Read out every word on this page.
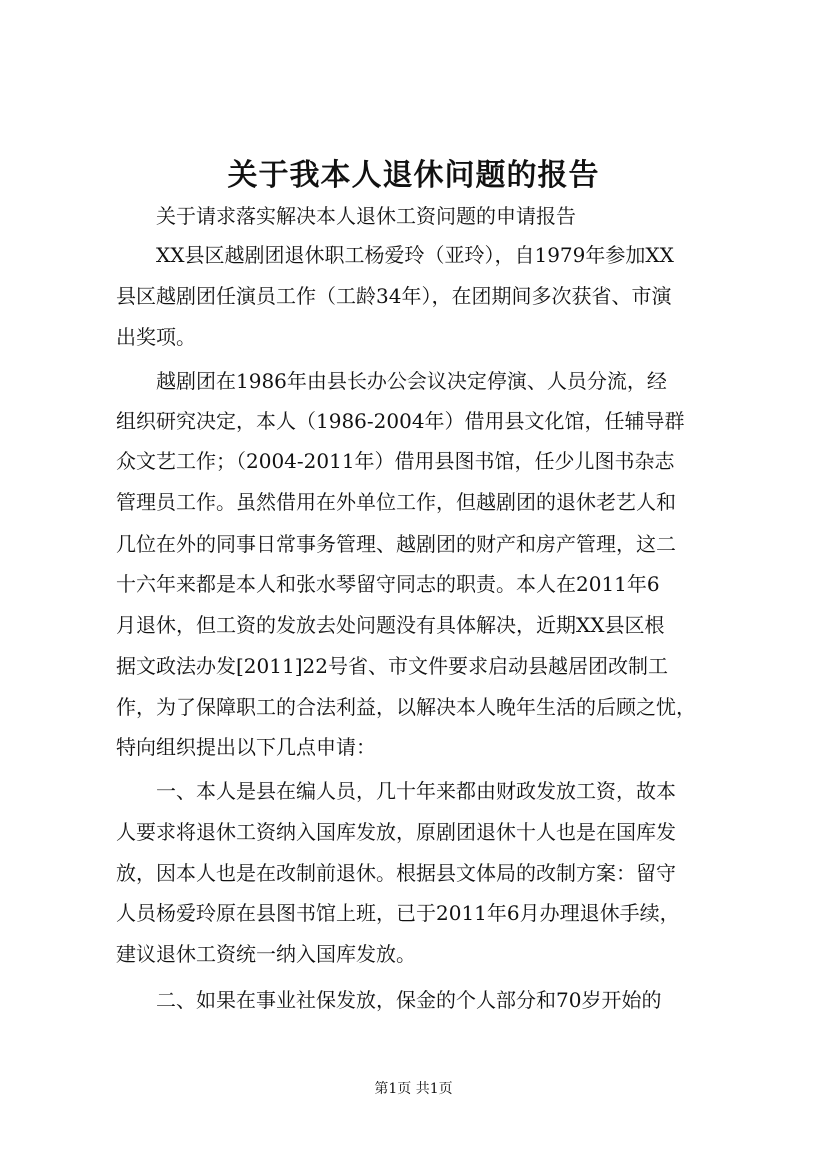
关于我本人退休问题的报告
　　关于请求落实解决本人退休工资问题的申请报告
　　XX县区越剧团退休职工杨爱玲（亚玲），自1979年参加XX
县区越剧团任演员工作（工龄34年），在团期间多次获省、市演
出奖项。
　　越剧团在1986年由县长办公会议决定停演、人员分流，经
组织研究决定，本人（1986-2004年）借用县文化馆，任辅导群
众文艺工作；（2004-2011年）借用县图书馆，任少儿图书杂志
管理员工作。虽然借用在外单位工作，但越剧团的退休老艺人和
几位在外的同事日常事务管理、越剧团的财产和房产管理，这二
十六年来都是本人和张水琴留守同志的职责。本人在2011年6
月退休，但工资的发放去处问题没有具体解决，近期XX县区根
据文政法办发[2011]22号省、市文件要求启动县越居团改制工
作，为了保障职工的合法利益，以解决本人晚年生活的后顾之忧，
特向组织提出以下几点申请：
　　一、本人是县在编人员，几十年来都由财政发放工资，故本
人要求将退休工资纳入国库发放，原剧团退休十人也是在国库发
放，因本人也是在改制前退休。根据县文体局的改制方案：留守
人员杨爱玲原在县图书馆上班，已于2011年6月办理退休手续，
建议退休工资统一纳入国库发放。
　　二、如果在事业社保发放，保金的个人部分和70岁开始的
第1页 共1页
